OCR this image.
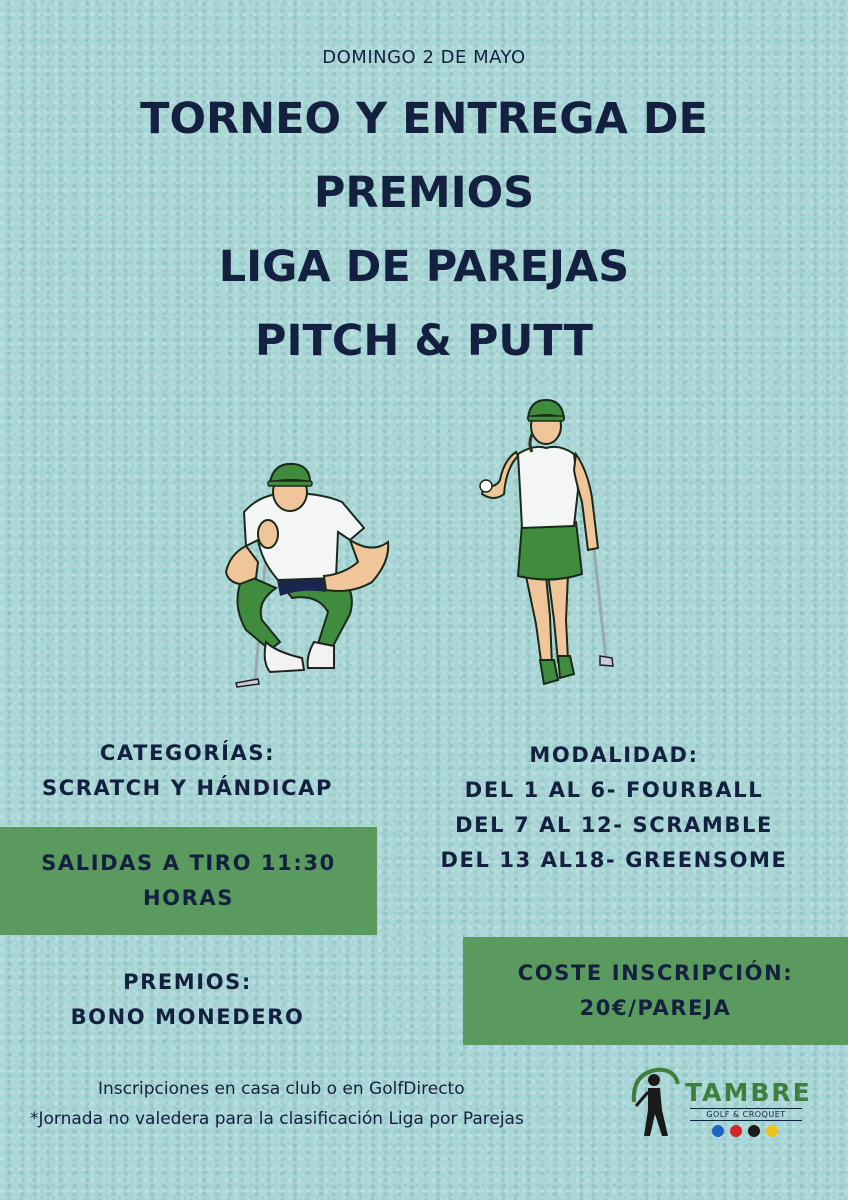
DOMINGO 2 DE MAYO
TORNEO Y ENTREGA DE
PREMIOS
LIGA DE PAREJAS
PITCH & PUTT
CATEGORÍAS:
SCRATCH Y HÁNDICAP
MODALIDAD:
DEL 1 AL 6- FOURBALL
DEL 7 AL 12- SCRAMBLE
DEL 13 AL18- GREENSOME
SALIDAS A TIRO 11:30
HORAS
PREMIOS:
BONO MONEDERO
COSTE INSCRIPCIÓN:
20€/PAREJA
Inscripciones en casa club o en GolfDirecto
*Jornada no valedera para la clasificación Liga por Parejas
TAMBRE
GOLF & CROQUET
